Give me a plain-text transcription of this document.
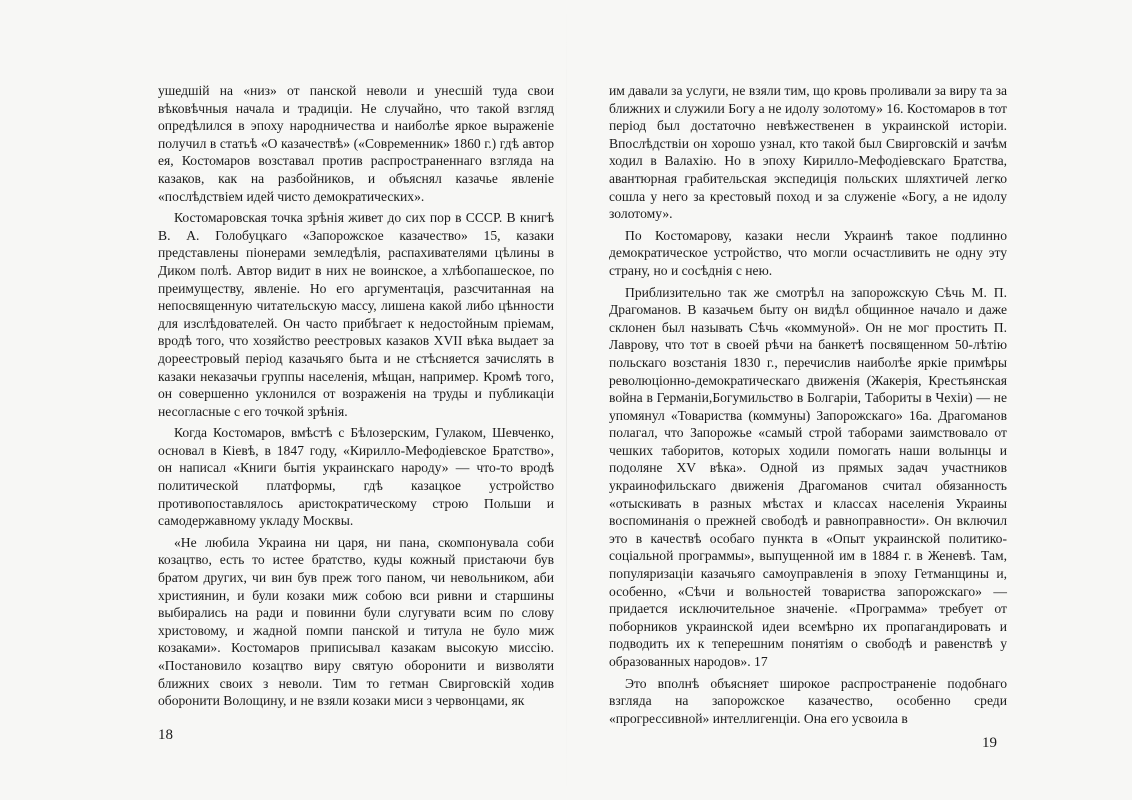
ушедшій на «низ» от панской неволи и унесшій туда свои вѣковѣчныя начала и традиціи. Не случайно, что такой взгляд опредѣлился в эпоху народничества и наиболѣе яркое выраженіе получил в статьѣ «О казачествѣ» («Современник» 1860 г.) гдѣ автор ея, Костомаров возставал против распространеннаго взгляда на казаков, как на разбойников, и объяснял казачье явленіе «послѣдствіем идей чисто демократических».

Костомаровская точка зрѣнія живет до сих пор в СССР. В книгѣ В. А. Голобуцкаго «Запорожское казачество» 15, казаки представлены піонерами земледѣлія, распахивателями цѣлины в Диком полѣ. Автор видит в них не воинское, а хлѣбопашеское, по преимуществу, явленіе. Но его аргументація, разсчитанная на непосвященную читательскую массу, лишена какой либо цѣнности для изслѣдователей. Он часто прибѣгает к недостойным пріемам, вродѣ того, что хозяйство реестровых казаков XVII вѣка выдает за дореестровый період казачьяго быта и не стѣсняется зачислять в казаки неказачьи группы населенія, мѣщан, например. Кромѣ того, он совершенно уклонился от возраженія на труды и публикаціи несогласные с его точкой зрѣнія.

Когда Костомаров, вмѣстѣ с Бѣлозерским, Гулаком, Шевченко, основал в Кіевѣ, в 1847 году, «Кирилло-Мефодіевское Братство», он написал «Книги бытія украинскаго народу» — что-то вродѣ политической платформы, гдѣ казацкое устройство противопоставлялось аристократическому строю Польши и самодержавному укладу Москвы.

«Не любила Украина ни царя, ни пана, скомпонувала соби козацтво, есть то истее братство, куды кожный пристаючи був братом других, чи вин був преж того паном, чи невольником, аби християнин, и були козаки миж собою вси ривни и старшины выбирались на ради и повинни були слугувати всим по слову христовому, и жадной помпи панской и титула не було миж козаками». Костомаров приписывал казакам высокую миссію. «Постановило козацтво виру святую оборонити и визволяти ближних своих з неволи. Тим то гетман Свирговскій ходив оборонити Волощину, и не взяли козаки миси з червонцами, як

им давали за услуги, не взяли тим, що кровь проливали за виру та за ближних и служили Богу а не идолу золотому» 16. Костомаров в тот період был достаточно невѣжественен в украинской исторіи. Впослѣдствіи он хорошо узнал, кто такой был Свирговскій и зачѣм ходил в Валахію. Но в эпоху Кирилло-Мефодіевскаго Братства, авантюрная грабительская экспедиція польских шляхтичей легко сошла у него за крестовый поход и за служеніе «Богу, а не идолу золотому».

По Костомарову, казаки несли Украинѣ такое подлинно демократическое устройство, что могли осчастливить не одну эту страну, но и сосѣднія с нею.

Приблизительно так же смотрѣл на запорожскую Сѣчь М. П. Драгоманов. В казачьем быту он видѣл общинное начало и даже склонен был называть Сѣчь «коммуной». Он не мог простить П. Лаврову, что тот в своей рѣчи на банкетѣ посвященном 50-лѣтію польскаго возстанія 1830 г., перечислив наиболѣе яркіе примѣры революціонно-демократическаго движенія (Жакерія, Крестьянская война в Германіи,Богумильство в Болгаріи, Табориты в Чехіи) — не упомянул «Товариства (коммуны) Запорожскаго» 16а. Драгоманов полагал, что Запорожье «самый строй таборами заимствовало от чешких таборитов, которых ходили помогать наши волынцы и подоляне XV вѣка». Одной из прямых задач участников украинофильскаго движенія Драгоманов считал обязанность «отыскивать в разных мѣстах и классах населенія Украины воспоминанія о прежней свободѣ и равноправности». Он включил это в качествѣ особаго пункта в «Опыт украинской политико-соціальной программы», выпущенной им в 1884 г. в Женевѣ. Там, популяризаціи казачьяго самоуправленія в эпоху Гетманщины и, особенно, «Сѣчи и вольностей товариства запорожскаго» — придается исключительное значеніе. «Программа» требует от поборников украинской идеи всемѣрно их пропагандировать и подводить их к теперешним понятіям о свободѣ и равенствѣ у образованных народов». 17

Это вполнѣ объясняет широкое распространеніе подобнаго взгляда на запорожское казачество, особенно среди «прогрессивной» интеллигенціи. Она его усвоила в

18	19
